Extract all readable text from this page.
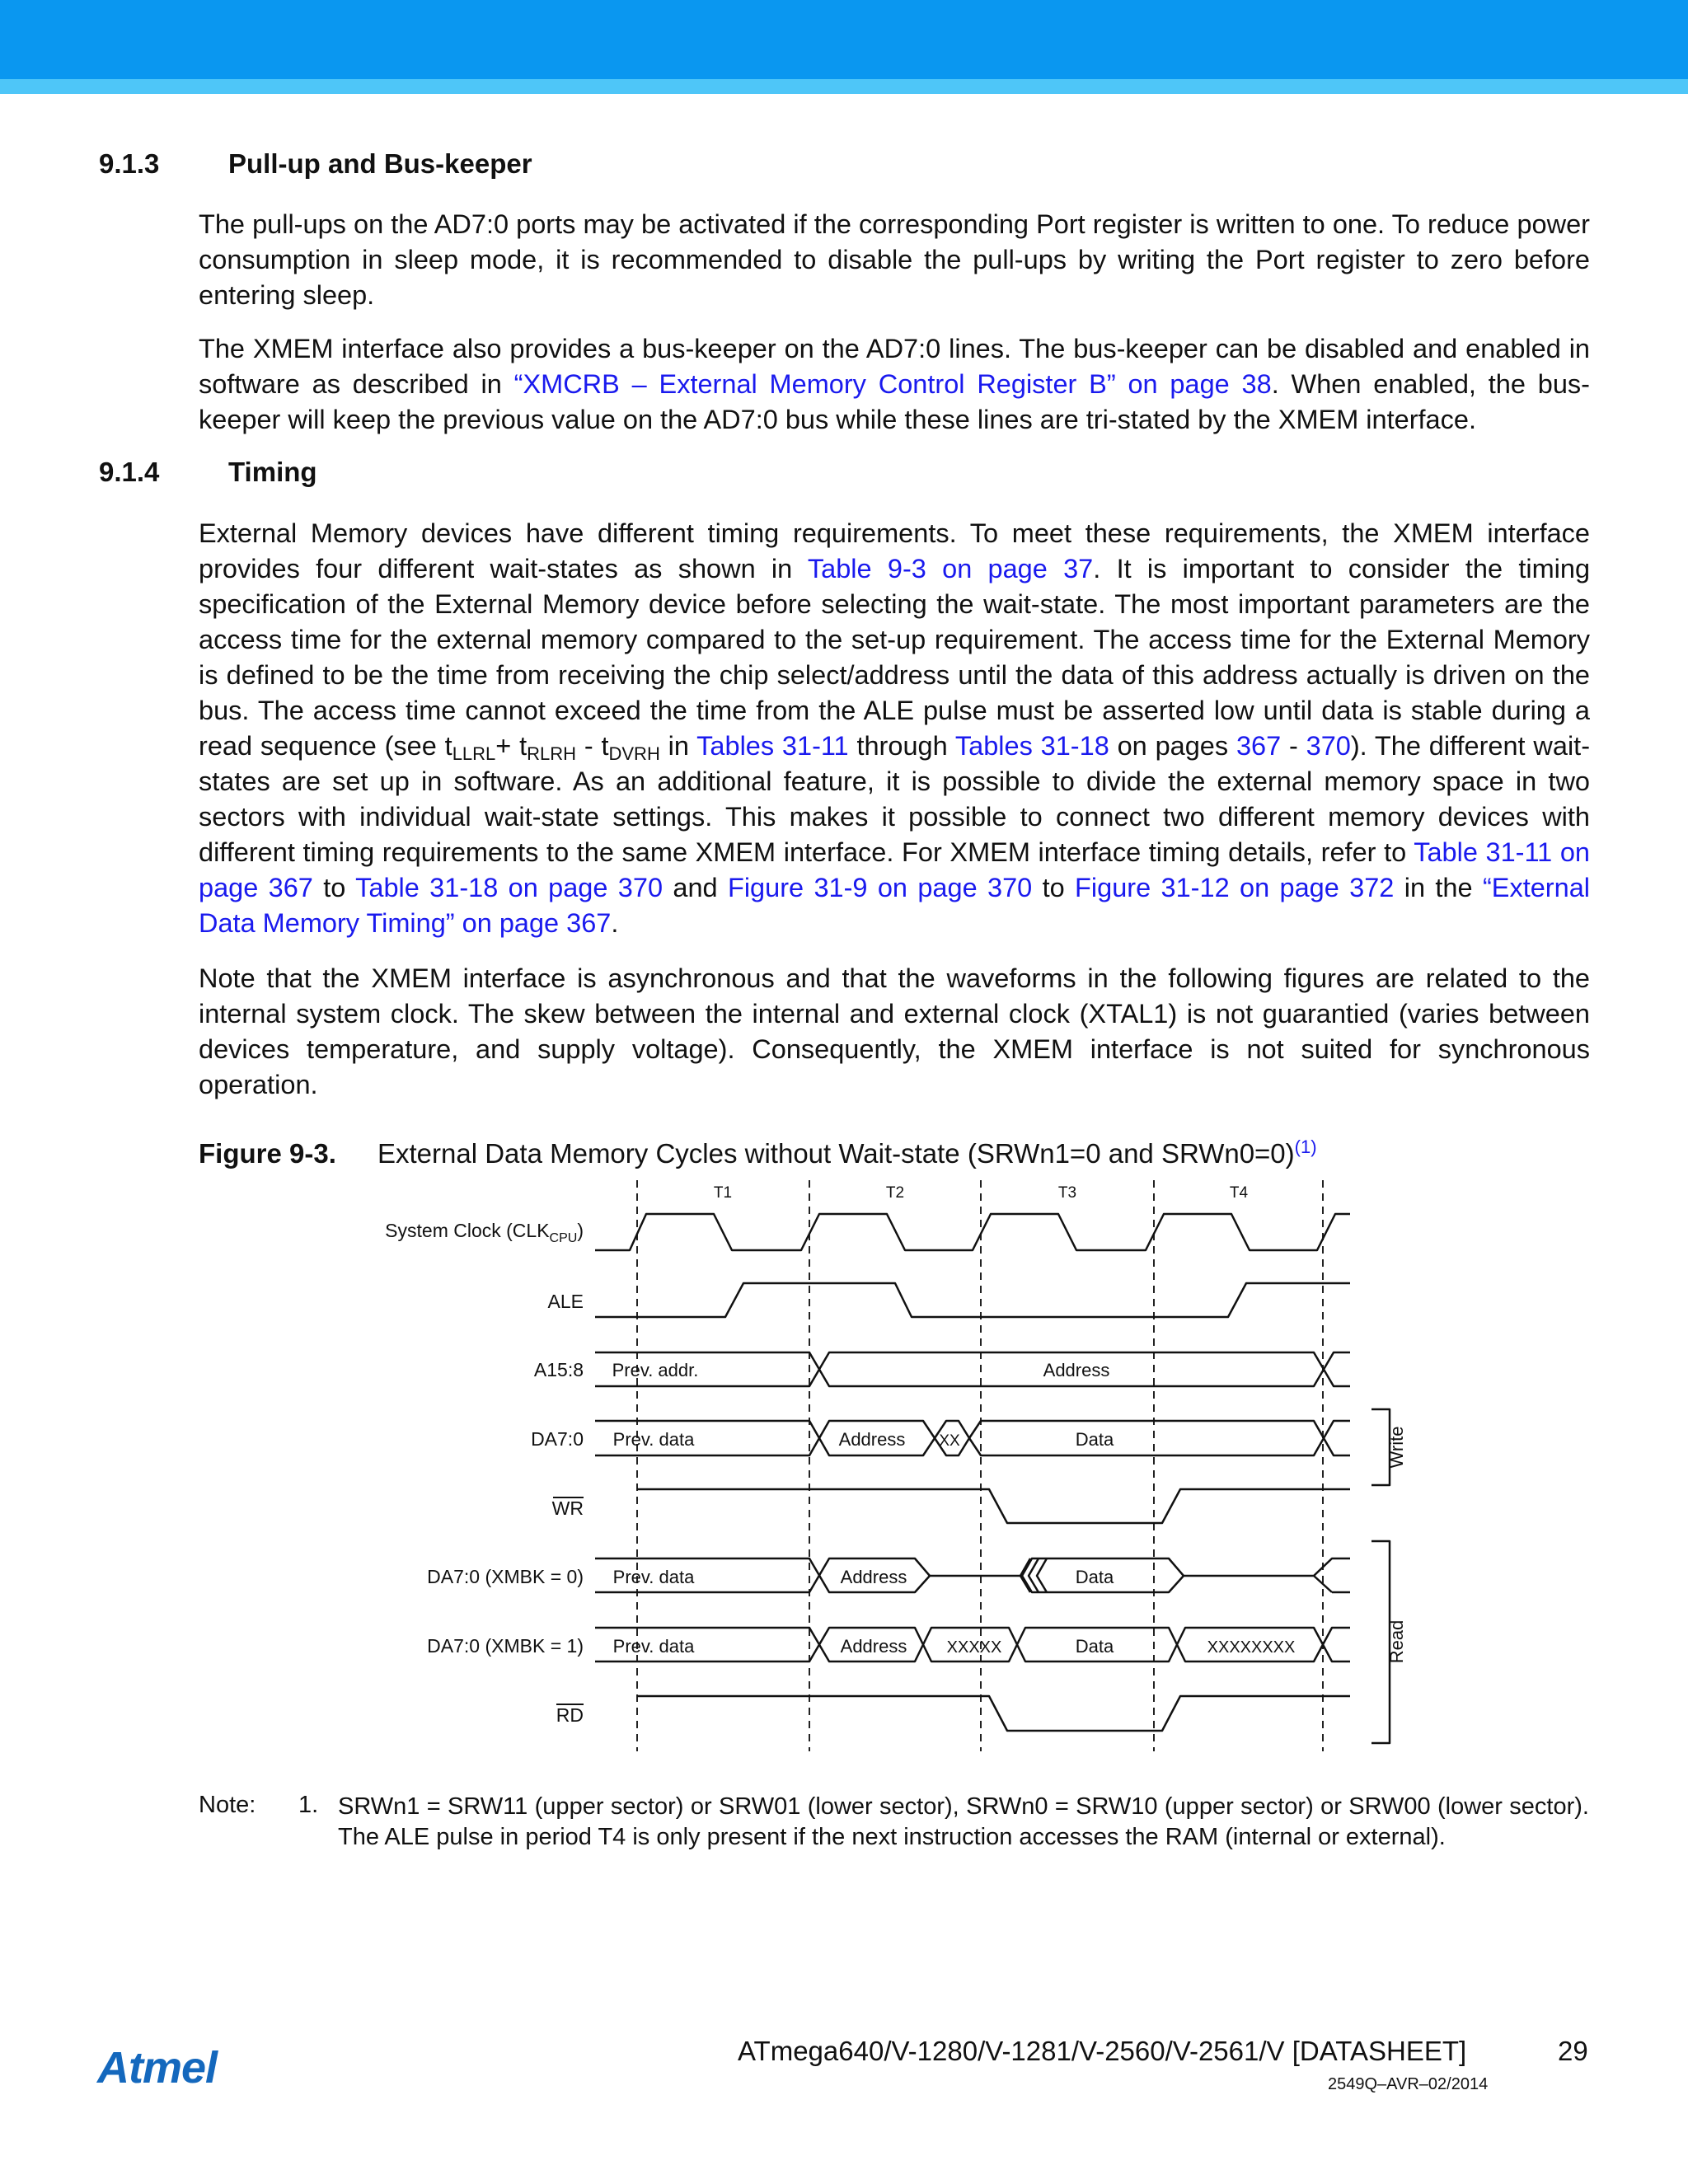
9.1.3	Pull-up and Bus-keeper

The pull-ups on the AD7:0 ports may be activated if the corresponding Port register is written to one. To reduce power consumption in sleep mode, it is recommended to disable the pull-ups by writing the Port register to zero before entering sleep.

The XMEM interface also provides a bus-keeper on the AD7:0 lines. The bus-keeper can be disabled and enabled in software as described in “XMCRB – External Memory Control Register B” on page 38. When enabled, the bus-keeper will keep the previous value on the AD7:0 bus while these lines are tri-stated by the XMEM interface.

9.1.4	Timing

External Memory devices have different timing requirements. To meet these requirements, the XMEM interface provides four different wait-states as shown in Table 9-3 on page 37. It is important to consider the timing specification of the External Memory device before selecting the wait-state. The most important parameters are the access time for the external memory compared to the set-up requirement. The access time for the External Memory is defined to be the time from receiving the chip select/address until the data of this address actually is driven on the bus. The access time cannot exceed the time from the ALE pulse must be asserted low until data is stable during a read sequence (see $t_{LLRL}+ t_{RLRH} - t_{DVRH}$ in Tables 31-11 through Tables 31-18 on pages 367 - 370). The different wait-states are set up in software. As an additional feature, it is possible to divide the external memory space in two sectors with individual wait-state settings. This makes it possible to connect two different memory devices with different timing requirements to the same XMEM interface. For XMEM interface timing details, refer to Table 31-11 on page 367 to Table 31-18 on page 370 and Figure 31-9 on page 370 to Figure 31-12 on page 372 in the “External Data Memory Timing” on page 367.

Note that the XMEM interface is asynchronous and that the waveforms in the following figures are related to the internal system clock. The skew between the internal and external clock (XTAL1) is not guarantied (varies between devices temperature, and supply voltage). Consequently, the XMEM interface is not suited for synchronous operation.

Figure 9-3. External Data Memory Cycles without Wait-state (SRWn1=0 and SRWn0=0)$^{(1)}$
T1	T2	T3	T4
System Clock $(CLK_{CPU})$
ALE
A15:8
DA7:0
WR
DA7:0 (XMBK = 0)
DA7:0 (XMBK = 1)
RD
Prev. addr.	Address
Prev. data	Address XX	Data
Prev. data	Address	Data
Prev. data	Address XXXXX	Data	XXXXXXXX
Write
Read
Note: 1. SRWn1 = SRW11 (upper sector) or SRW01 (lower sector), SRWn0 = SRW10 (upper sector) or SRW00 (lower sector). The ALE pulse in period T4 is only present if the next instruction accesses the RAM (internal or external).
Atmel	ATmega640/V-1280/V-1281/V-2560/V-2561/V [DATASHEET]	29
2549Q–AVR–02/2014
